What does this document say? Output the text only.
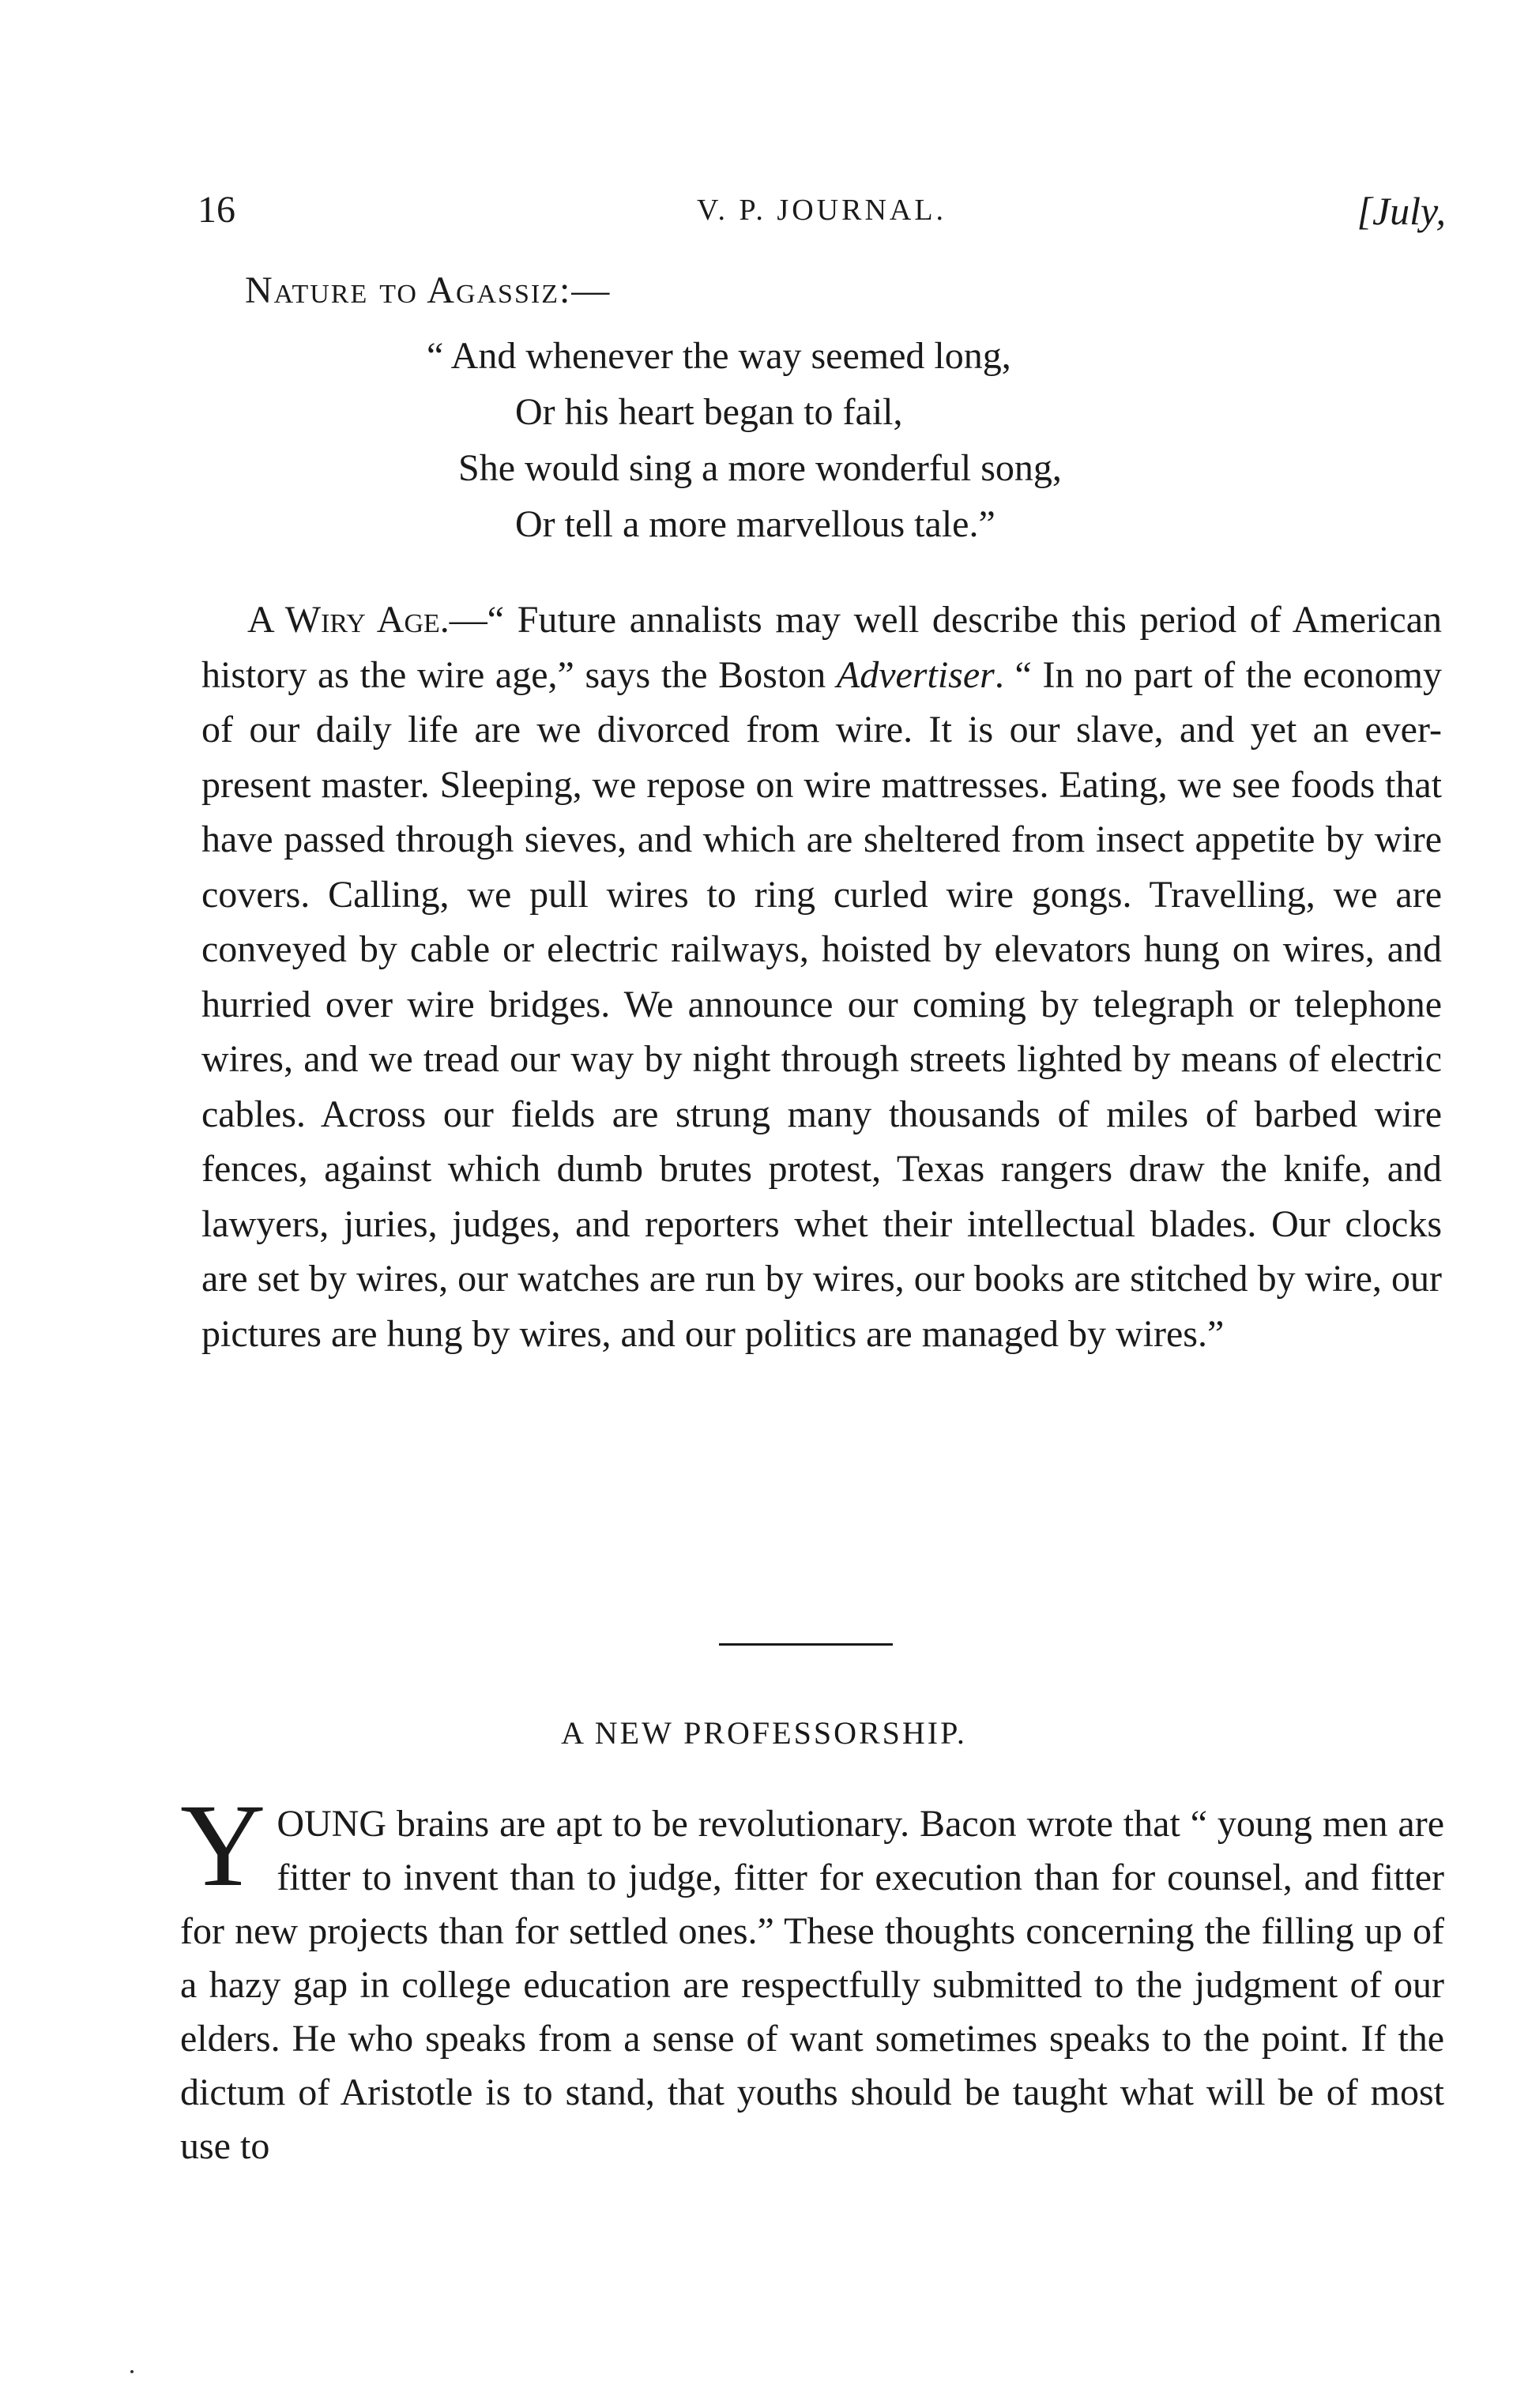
16	V. P. JOURNAL.	[July,
Nature to Agassiz:—
“ And whenever the way seemed long,
Or his heart began to fail,
She would sing a more wonderful song,
Or tell a more marvellous tale.”
A Wiry Age.—“ Future annalists may well describe this period of American history as the wire age,” says the Boston Advertiser. “ In no part of the economy of our daily life are we divorced from wire. It is our slave, and yet an ever-present master. Sleeping, we repose on wire mattresses. Eating, we see foods that have passed through sieves, and which are sheltered from insect appetite by wire covers. Calling, we pull wires to ring curled wire gongs. Travelling, we are conveyed by cable or electric railways, hoisted by elevators hung on wires, and hurried over wire bridges. We announce our coming by telegraph or telephone wires, and we tread our way by night through streets lighted by means of electric cables. Across our fields are strung many thousands of miles of barbed wire fences, against which dumb brutes protest, Texas rangers draw the knife, and lawyers, juries, judges, and reporters whet their intellectual blades. Our clocks are set by wires, our watches are run by wires, our books are stitched by wire, our pictures are hung by wires, and our politics are managed by wires.”
A NEW PROFESSORSHIP.
YOUNG brains are apt to be revolutionary. Bacon wrote that “ young men are fitter to invent than to judge, fitter for execution than for counsel, and fitter for new projects than for settled ones.” These thoughts concerning the filling up of a hazy gap in college education are respectfully submitted to the judgment of our elders. He who speaks from a sense of want sometimes speaks to the point. If the dictum of Aristotle is to stand, that youths should be taught what will be of most use to
